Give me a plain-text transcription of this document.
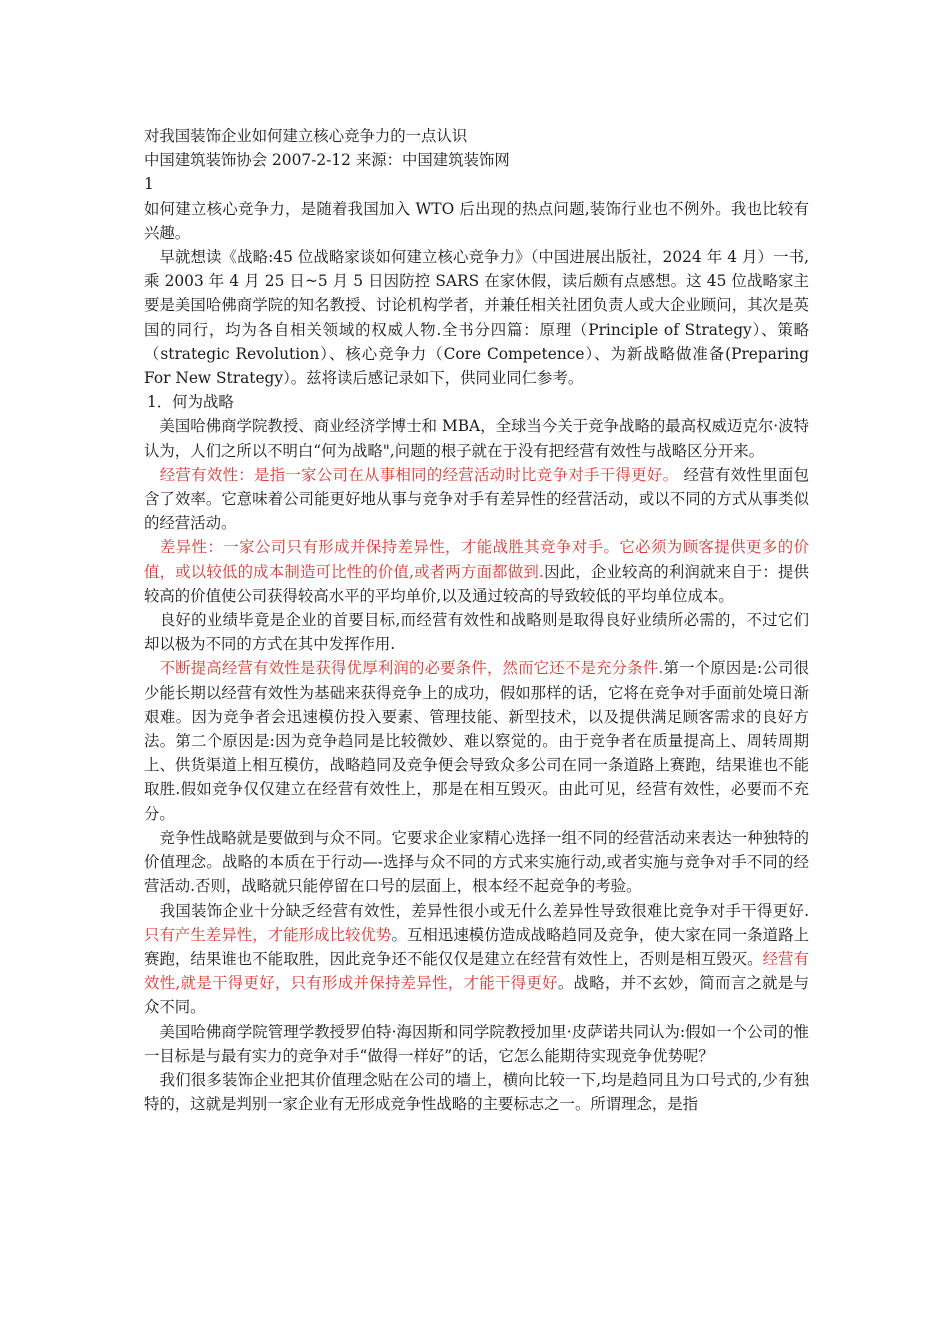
对我国装饰企业如何建立核心竞争力的一点认识

中国建筑装饰协会 2007-2-12 来源：中国建筑装饰网

1

如何建立核心竞争力，是随着我国加入 WTO 后出现的热点问题,装饰行业也不例外。我也比较有兴趣。

　早就想读《战略:45 位战略家谈如何建立核心竞争力》（中国进展出版社，2024 年 4 月）一书,乘 2003 年 4 月 25 日~5 月 5 日因防控 SARS 在家休假，读后颇有点感想。这 45 位战略家主要是美国哈佛商学院的知名教授、讨论机构学者，并兼任相关社团负责人或大企业顾问，其次是英国的同行，均为各自相关领域的权威人物.全书分四篇：原理（Principle of Strategy）、策略（strategic Revolution）、核心竞争力（Core Competence）、为新战略做准备(Preparing For New Strategy）。兹将读后感记录如下，供同业同仁参考。

1．何为战略

　美国哈佛商学院教授、商业经济学博士和 MBA，全球当今关于竞争战略的最高权威迈克尔·波特认为，人们之所以不明白“何为战略",问题的根子就在于没有把经营有效性与战略区分开来。

　经营有效性：是指一家公司在从事相同的经营活动时比竞争对手干得更好。 经营有效性里面包含了效率。它意味着公司能更好地从事与竞争对手有差异性的经营活动，或以不同的方式从事类似的经营活动。

　差异性：一家公司只有形成并保持差异性，才能战胜其竞争对手。它必须为顾客提供更多的价值，或以较低的成本制造可比性的价值,或者两方面都做到.因此，企业较高的利润就来自于：提供较高的价值使公司获得较高水平的平均单价,以及通过较高的导致较低的平均单位成本。

　良好的业绩毕竟是企业的首要目标,而经营有效性和战略则是取得良好业绩所必需的，不过它们却以极为不同的方式在其中发挥作用.

　不断提高经营有效性是获得优厚利润的必要条件，然而它还不是充分条件.第一个原因是:公司很少能长期以经营有效性为基础来获得竞争上的成功，假如那样的话，它将在竞争对手面前处境日渐艰难。因为竞争者会迅速模仿投入要素、管理技能、新型技术，以及提供满足顾客需求的良好方法。第二个原因是:因为竞争趋同是比较微妙、难以察觉的。由于竞争者在质量提高上、周转周期上、供货渠道上相互模仿，战略趋同及竞争便会导致众多公司在同一条道路上赛跑，结果谁也不能取胜.假如竞争仅仅建立在经营有效性上，那是在相互毁灭。由此可见，经营有效性，必要而不充分。

　竞争性战略就是要做到与众不同。它要求企业家精心选择一组不同的经营活动来表达一种独特的价值理念。战略的本质在于行动—-选择与众不同的方式来实施行动,或者实施与竞争对手不同的经营活动.否则，战略就只能停留在口号的层面上，根本经不起竞争的考验。

　我国装饰企业十分缺乏经营有效性，差异性很小或无什么差异性导致很难比竞争对手干得更好.只有产生差异性，才能形成比较优势。互相迅速模仿造成战略趋同及竞争，使大家在同一条道路上赛跑，结果谁也不能取胜，因此竞争还不能仅仅是建立在经营有效性上，否则是相互毁灭。经营有效性,就是干得更好，只有形成并保持差异性，才能干得更好。战略，并不玄妙，简而言之就是与众不同。

　美国哈佛商学院管理学教授罗伯特·海因斯和同学院教授加里·皮萨诺共同认为:假如一个公司的惟一目标是与最有实力的竞争对手“做得一样好”的话，它怎么能期待实现竞争优势呢？

　我们很多装饰企业把其价值理念贴在公司的墙上，横向比较一下,均是趋同且为口号式的,少有独特的，这就是判别一家企业有无形成竞争性战略的主要标志之一。所谓理念，是指
